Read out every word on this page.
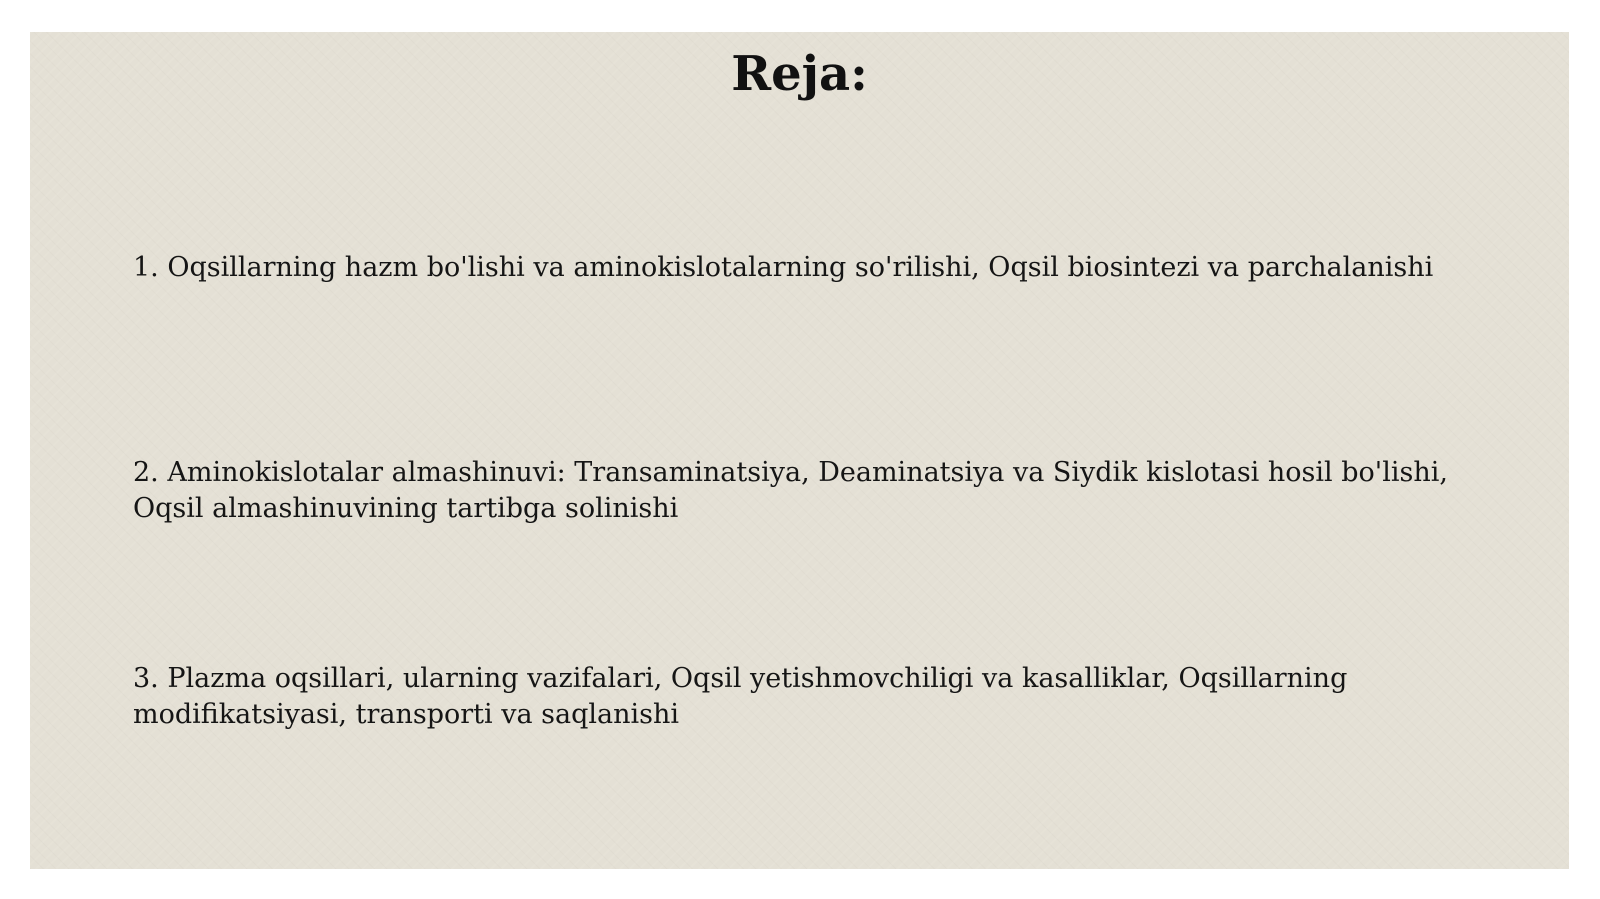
Reja:

1. Oqsillarning hazm bo'lishi va aminokislotalarning so'rilishi, Oqsil biosintezi va parchalanishi

2. Aminokislotalar almashinuvi: Transaminatsiya, Deaminatsiya va Siydik kislotasi hosil bo'lishi, Oqsil almashinuvining tartibga solinishi

3. Plazma oqsillari, ularning vazifalari, Oqsil yetishmovchiligi va kasalliklar, Oqsillarning modifikatsiyasi, transporti va saqlanishi
